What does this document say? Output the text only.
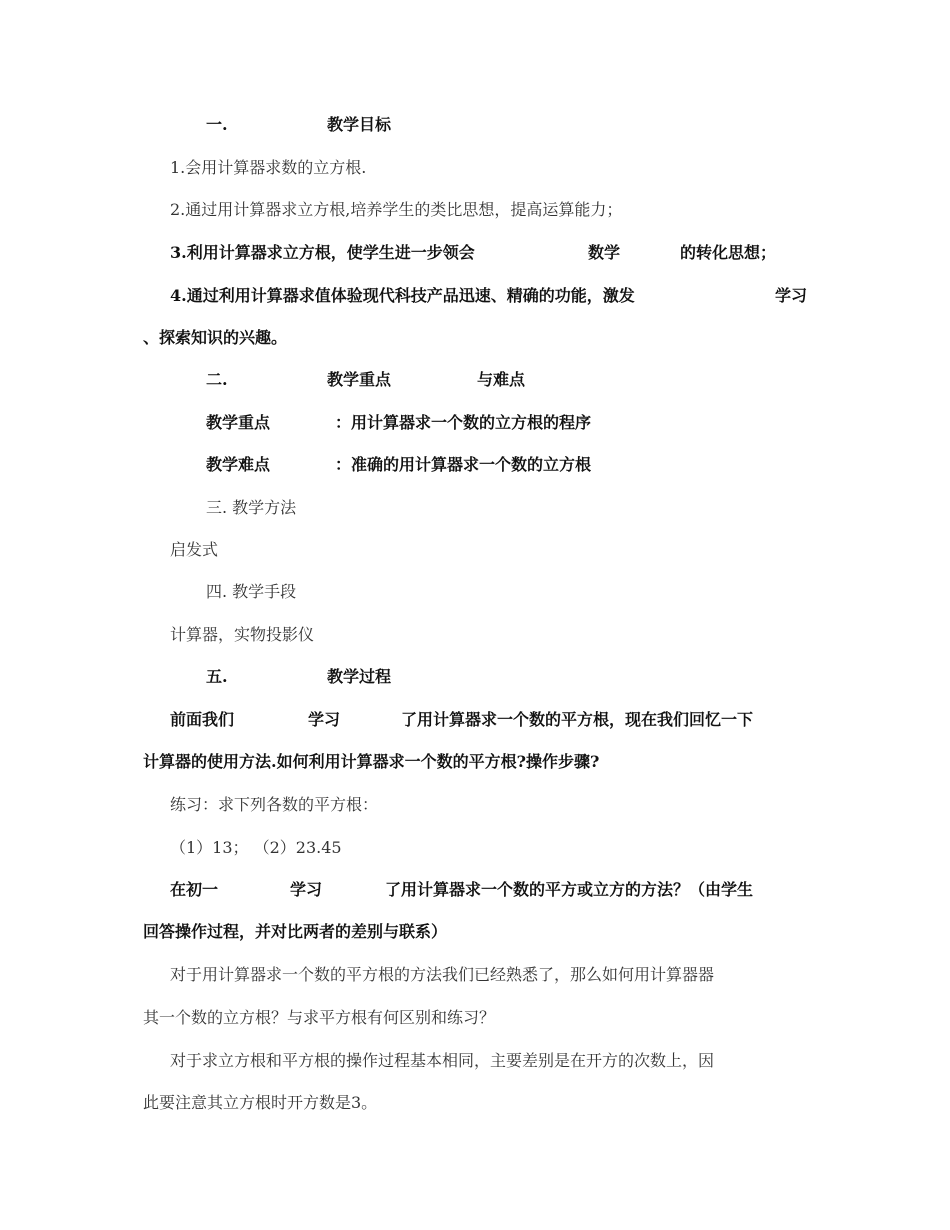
一.	教学目标
1.会用计算器求数的立方根.
2.通过用计算器求立方根,培养学生的类比思想，提高运算能力；
3.利用计算器求立方根，使学生进一步领会	数学	的转化思想；
4.通过利用计算器求值体验现代科技产品迅速、精确的功能，激发	学习
、探索知识的兴趣。
二.	教学重点	与难点
教学重点	：用计算器求一个数的立方根的程序
教学难点	：准确的用计算器求一个数的立方根
三. 教学方法
启发式
四. 教学手段
计算器，实物投影仪
五.	教学过程
前面我们	学习	了用计算器求一个数的平方根，现在我们回忆一下
计算器的使用方法.如何利用计算器求一个数的平方根?操作步骤?
练习：求下列各数的平方根：
（1）13； （2）23.45
在初一	学习	了用计算器求一个数的平方或立方的方法？（由学生
回答操作过程，并对比两者的差别与联系）
对于用计算器求一个数的平方根的方法我们已经熟悉了，那么如何用计算器器
其一个数的立方根？与求平方根有何区别和练习？
对于求立方根和平方根的操作过程基本相同，主要差别是在开方的次数上，因
此要注意其立方根时开方数是3。
